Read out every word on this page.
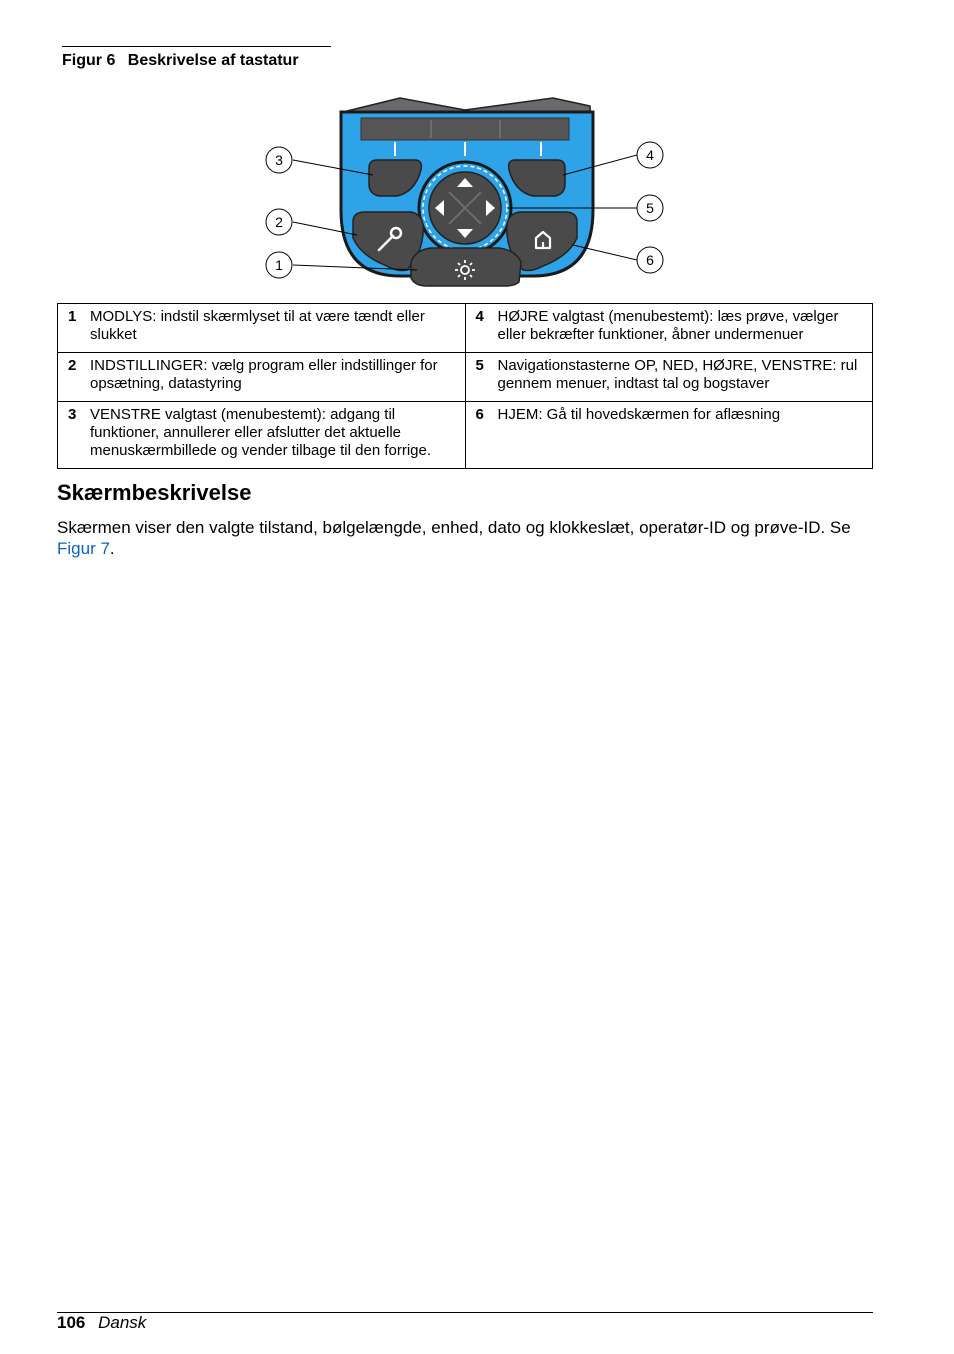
Figur 6 Beskrivelse af tastatur
3
2
1
4
5
6
1 MODLYS: indstil skærmlyset til at være tændt eller slukket	4 HØJRE valgtast (menubestemt): læs prøve, vælger eller bekræfter funktioner, åbner undermenuer

2 INDSTILLINGER: vælg program eller indstillinger for opsætning, datastyring	5 Navigationstasterne OP, NED, HØJRE, VENSTRE: rul gennem menuer, indtast tal og bogstaver

3 VENSTRE valgtast (menubestemt): adgang til funktioner, annullerer eller afslutter det aktuelle menuskærmbillede og vender tilbage til den forrige.	6 HJEM: Gå til hovedskærmen for aflæsning
Skærmbeskrivelse

Skærmen viser den valgte tilstand, bølgelængde, enhed, dato og klokkeslæt, operatør-ID og prøve-ID. Se Figur 7.

106 Dansk
